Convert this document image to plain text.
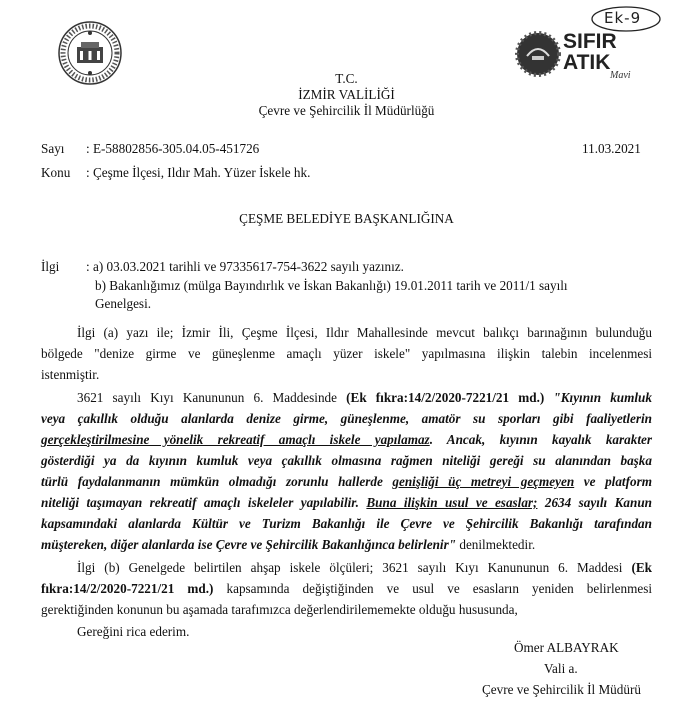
SIFIR
ATIK
Mavi
Ek-9
T.C.
İZMİR VALİLİĞİ
Çevre ve Şehircilik İl Müdürlüğü
Sayı : E-58802856-305.04.05-451726	11.03.2021
Konu : Çeşme İlçesi, Ildır Mah. Yüzer İskele hk.
ÇEŞME BELEDİYE BAŞKANLIĞINA
İlgi : a) 03.03.2021 tarihli ve 97335617-754-3622 sayılı yazınız.
b) Bakanlığımız (mülga Bayındırlık ve İskan Bakanlığı) 19.01.2011 tarih ve 2011/1 sayılı
Genelgesi.
İlgi (a) yazı ile; İzmir İli, Çeşme İlçesi, Ildır Mahallesinde mevcut balıkçı barınağının bulunduğu
bölgede "denize girme ve güneşlenme amaçlı yüzer iskele" yapılmasına ilişkin talebin incelenmesi
istenmiştir.
3621 sayılı Kıyı Kanununun 6. Maddesinde (Ek fıkra:14/2/2020-7221/21 md.) "Kıyının kumluk
veya çakıllık olduğu alanlarda denize girme, güneşlenme, amatör su sporları gibi faaliyetlerin
gerçekleştirilmesine yönelik rekreatif amaçlı iskele yapılamaz. Ancak, kıyının kayalık karakter
gösterdiği ya da kıyının kumluk veya çakıllık olmasına rağmen niteliği gereği su alanından başka
türlü faydalanmanın mümkün olmadığı zorunlu hallerde genişliği üç metreyi geçmeyen ve platform
niteliği taşımayan rekreatif amaçlı iskeleler yapılabilir. Buna ilişkin usul ve esaslar; 2634 sayılı Kanun
kapsamındaki alanlarda Kültür ve Turizm Bakanlığı ile Çevre ve Şehircilik Bakanlığı tarafından
müştereken, diğer alanlarda ise Çevre ve Şehircilik Bakanlığınca belirlenir" denilmektedir.
İlgi (b) Genelgede belirtilen ahşap iskele ölçüleri; 3621 sayılı Kıyı Kanununun 6. Maddesi (Ek
fıkra:14/2/2020-7221/21 md.) kapsamında değiştiğinden ve usul ve esasların yeniden belirlenmesi
gerektiğinden konunun bu aşamada tarafımızca değerlendirilememekte olduğu hususunda,
Gereğini rica ederim.
Ömer ALBAYRAK
Vali a.
Çevre ve Şehircilik İl Müdürü
